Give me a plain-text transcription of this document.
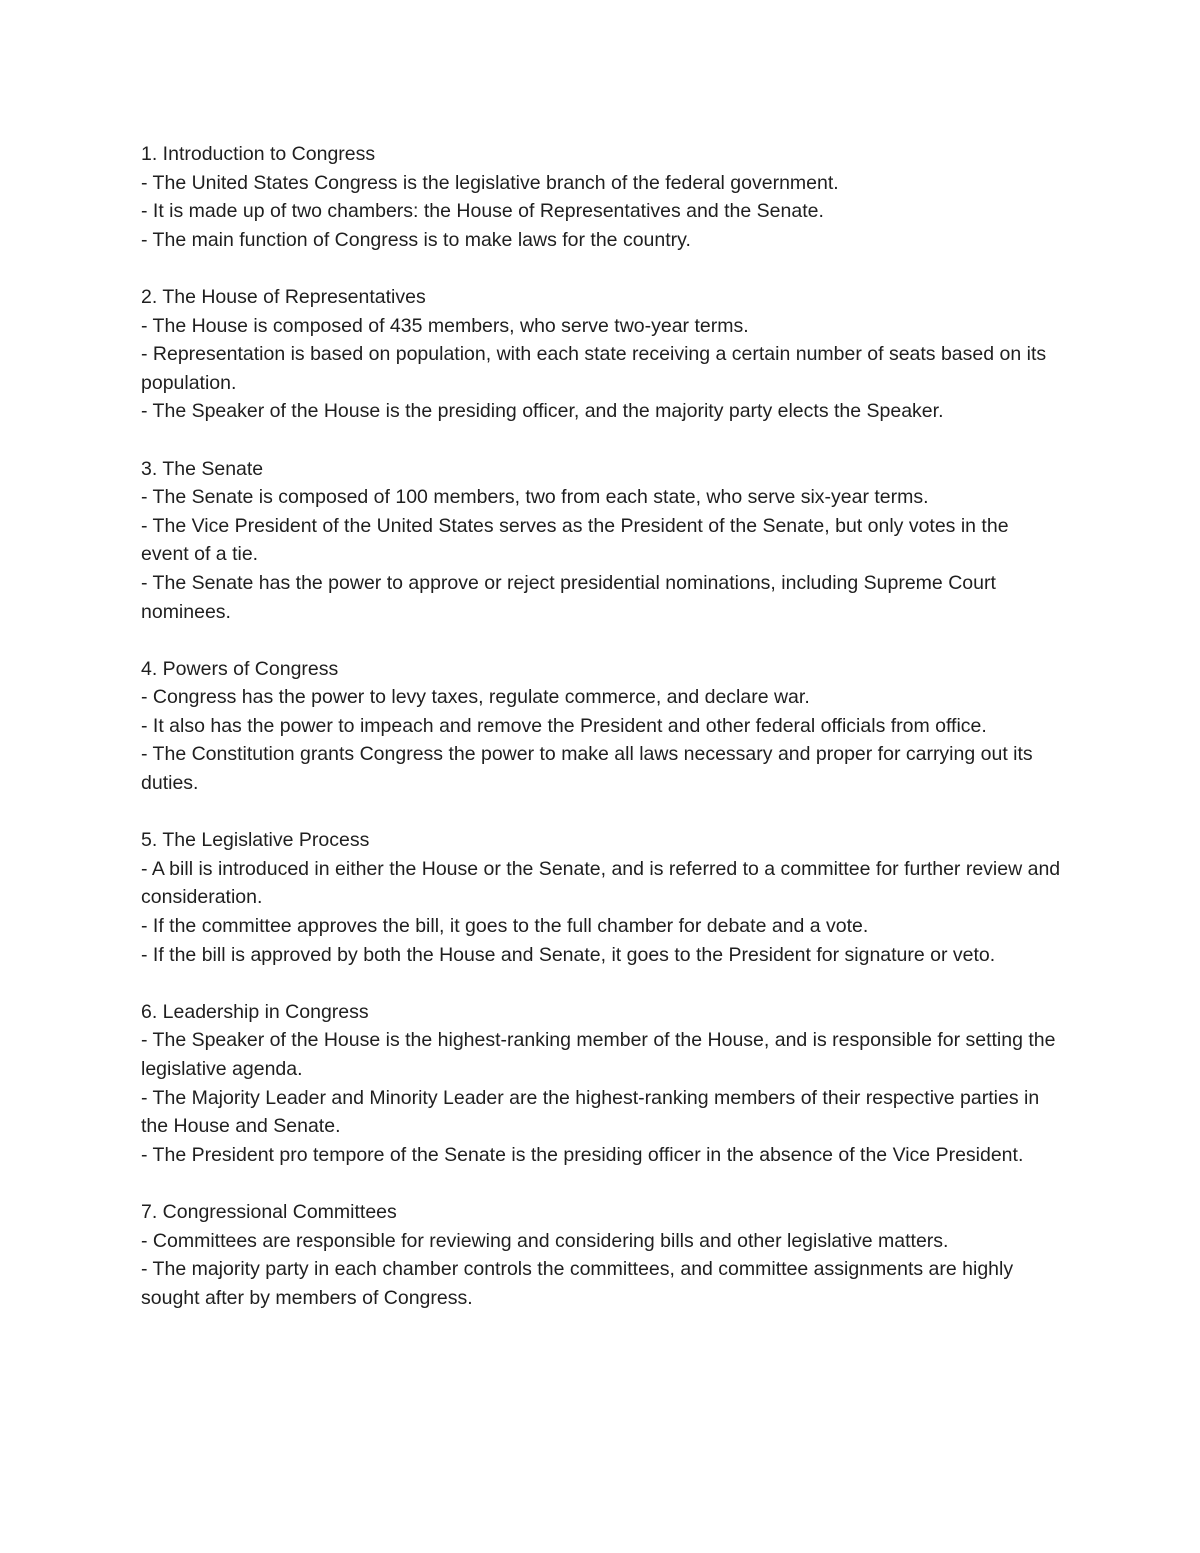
1. Introduction to Congress

- The United States Congress is the legislative branch of the federal government.

- It is made up of two chambers: the House of Representatives and the Senate.

- The main function of Congress is to make laws for the country.

2. The House of Representatives

- The House is composed of 435 members, who serve two-year terms.

- Representation is based on population, with each state receiving a certain number of seats based on its population.

- The Speaker of the House is the presiding officer, and the majority party elects the Speaker.

3. The Senate

- The Senate is composed of 100 members, two from each state, who serve six-year terms.

- The Vice President of the United States serves as the President of the Senate, but only votes in the event of a tie.

- The Senate has the power to approve or reject presidential nominations, including Supreme Court nominees.

4. Powers of Congress

- Congress has the power to levy taxes, regulate commerce, and declare war.

- It also has the power to impeach and remove the President and other federal officials from office.

- The Constitution grants Congress the power to make all laws necessary and proper for carrying out its duties.

5. The Legislative Process

- A bill is introduced in either the House or the Senate, and is referred to a committee for further review and consideration.

- If the committee approves the bill, it goes to the full chamber for debate and a vote.

- If the bill is approved by both the House and Senate, it goes to the President for signature or veto.

6. Leadership in Congress

- The Speaker of the House is the highest-ranking member of the House, and is responsible for setting the legislative agenda.

- The Majority Leader and Minority Leader are the highest-ranking members of their respective parties in the House and Senate.

- The President pro tempore of the Senate is the presiding officer in the absence of the Vice President.

7. Congressional Committees

- Committees are responsible for reviewing and considering bills and other legislative matters.

- The majority party in each chamber controls the committees, and committee assignments are highly sought after by members of Congress.
